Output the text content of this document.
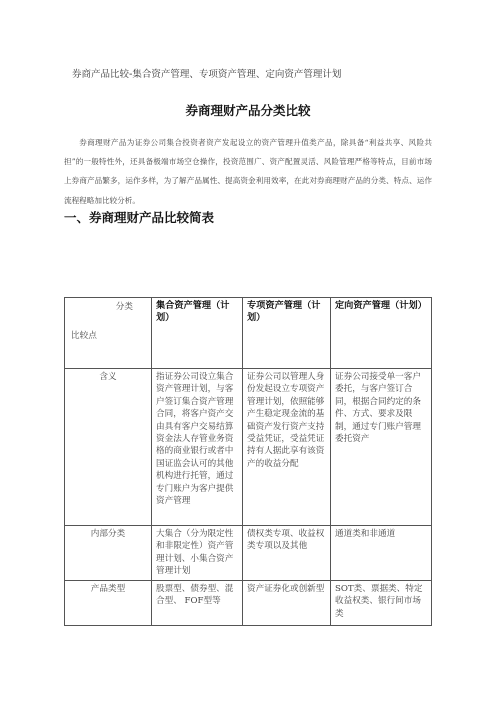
券商产品比较-集合资产管理、专项资产管理、定向资产管理计划
券商理财产品分类比较
券商理财产品为证券公司集合投资者资产发起设立的资产管理升值类产品，除具备“利益共享、风险共担”的一般特性外，还具备极端市场空仓操作，投资范围广、资产配置灵活、风险管理严格等特点，目前市场上券商产品繁多，运作多样，为了解产品属性、提高资金利用效率，在此对券商理财产品的分类、特点、运作流程程略加比较分析。
一、券商理财产品比较简表
分类
比较点	集合资产管理（计划）	专项资产管理（计划）	定向资产管理（计划）
含义	指证券公司设立集合资产管理计划，与客户签订集合资产管理合同，将客户资产交由具有客户交易结算资金法人存管业务资格的商业银行或者中国证监会认可的其他机构进行托管，通过专门账户为客户提供资产管理	证券公司以管理人身份发起设立专项资产管理计划，依照能够产生稳定现金流的基础资产发行资产支持受益凭证，受益凭证持有人据此享有该资产的收益分配	证券公司接受单一客户委托，与客户签订合同，根据合同约定的条件、方式、要求及限制，通过专门账户管理委托资产
内部分类	大集合（分为限定性和非限定性）资产管理计划、小集合资产管理计划	债权类专项、收益权类专项以及其他	通道类和非通道
产品类型	股票型、债券型、混合型、 FOF型等	资产证券化或创新型	SOT类、票据类、特定收益权类、银行间市场类
